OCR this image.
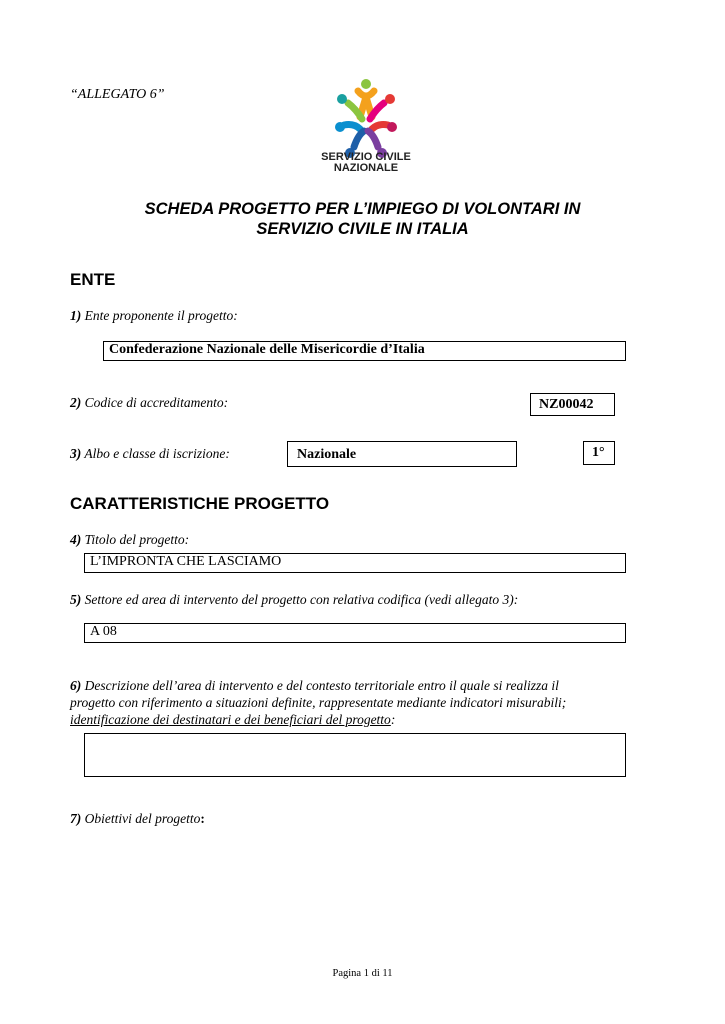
“ALLEGATO 6”
SERVIZIO CIVILE
NAZIONALE
SCHEDA PROGETTO PER L’IMPIEGO DI VOLONTARI IN
SERVIZIO CIVILE IN ITALIA
ENTE
1) Ente proponente il progetto:
Confederazione Nazionale delle Misericordie d’Italia
2) Codice di accreditamento:	NZ00042
3) Albo e classe di iscrizione:	Nazionale	1°
CARATTERISTICHE PROGETTO
4) Titolo del progetto:
L’IMPRONTA CHE LASCIAMO
5) Settore ed area di intervento del progetto con relativa codifica (vedi allegato 3):
A 08
6) Descrizione dell’area di intervento e del contesto territoriale entro il quale si realizza il
progetto con riferimento a situazioni definite, rappresentate mediante indicatori misurabili;
identificazione dei destinatari e dei beneficiari del progetto:
7) Obiettivi del progetto:
Pagina 1 di 11
